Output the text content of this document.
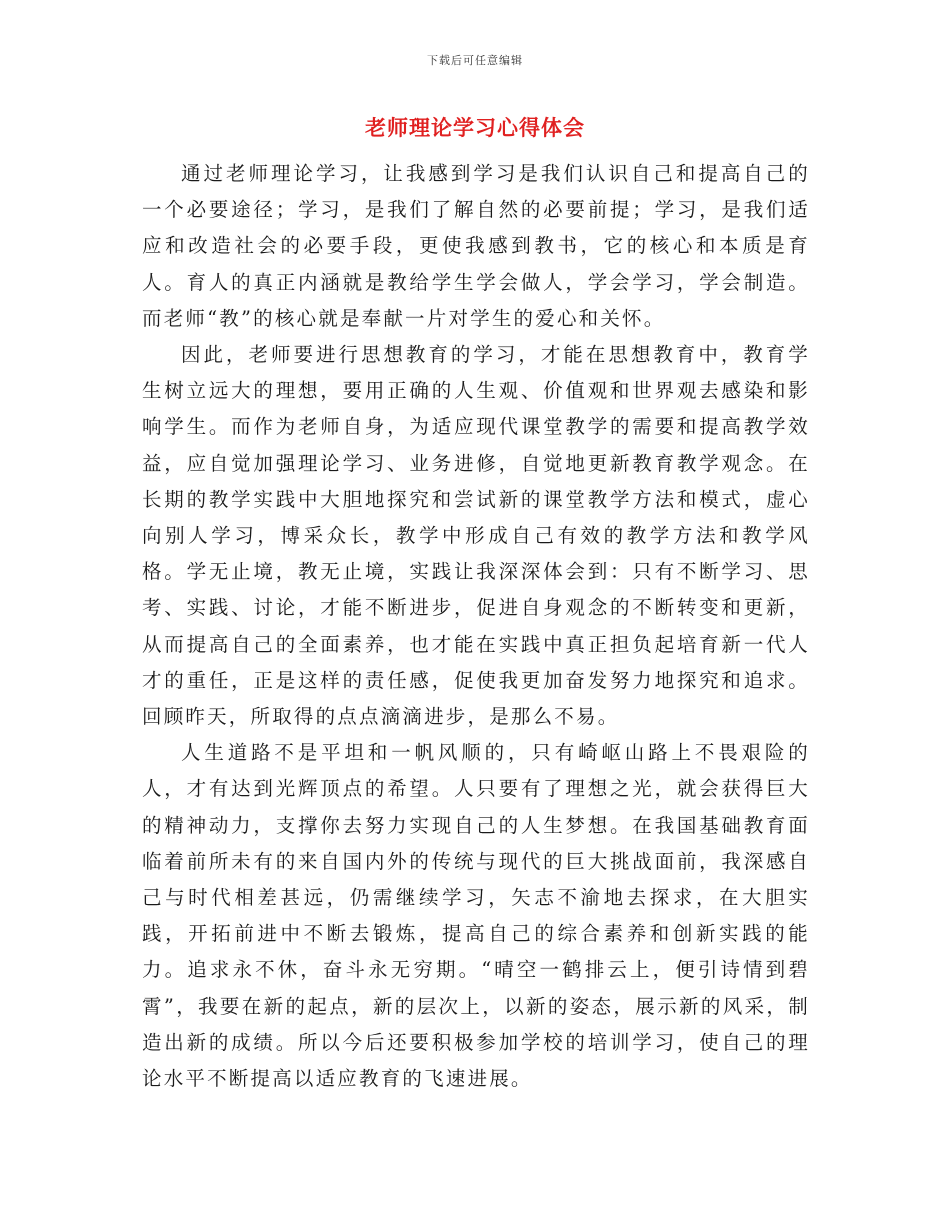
下载后可任意编辑
老师理论学习心得体会

通过老师理论学习，让我感到学习是我们认识自己和提高自己的一个必要途径；学习，是我们了解自然的必要前提；学习，是我们适应和改造社会的必要手段，更使我感到教书，它的核心和本质是育人。育人的真正内涵就是教给学生学会做人，学会学习，学会制造。而老师“教”的核心就是奉献一片对学生的爱心和关怀。

因此，老师要进行思想教育的学习，才能在思想教育中，教育学生树立远大的理想，要用正确的人生观、价值观和世界观去感染和影响学生。而作为老师自身，为适应现代课堂教学的需要和提高教学效益，应自觉加强理论学习、业务进修，自觉地更新教育教学观念。在长期的教学实践中大胆地探究和尝试新的课堂教学方法和模式，虚心向别人学习，博采众长，教学中形成自己有效的教学方法和教学风格。学无止境，教无止境，实践让我深深体会到：只有不断学习、思考、实践、讨论，才能不断进步，促进自身观念的不断转变和更新，从而提高自己的全面素养，也才能在实践中真正担负起培育新一代人才的重任，正是这样的责任感，促使我更加奋发努力地探究和追求。回顾昨天，所取得的点点滴滴进步，是那么不易。

人生道路不是平坦和一帆风顺的，只有崎岖山路上不畏艰险的人，才有达到光辉顶点的希望。人只要有了理想之光，就会获得巨大的精神动力，支撑你去努力实现自己的人生梦想。在我国基础教育面临着前所未有的来自国内外的传统与现代的巨大挑战面前，我深感自己与时代相差甚远，仍需继续学习，矢志不渝地去探求，在大胆实践，开拓前进中不断去锻炼，提高自己的综合素养和创新实践的能力。追求永不休，奋斗永无穷期。“晴空一鹤排云上，便引诗情到碧霄”，我要在新的起点，新的层次上，以新的姿态，展示新的风采，制造出新的成绩。所以今后还要积极参加学校的培训学习，使自己的理论水平不断提高以适应教育的飞速进展。
